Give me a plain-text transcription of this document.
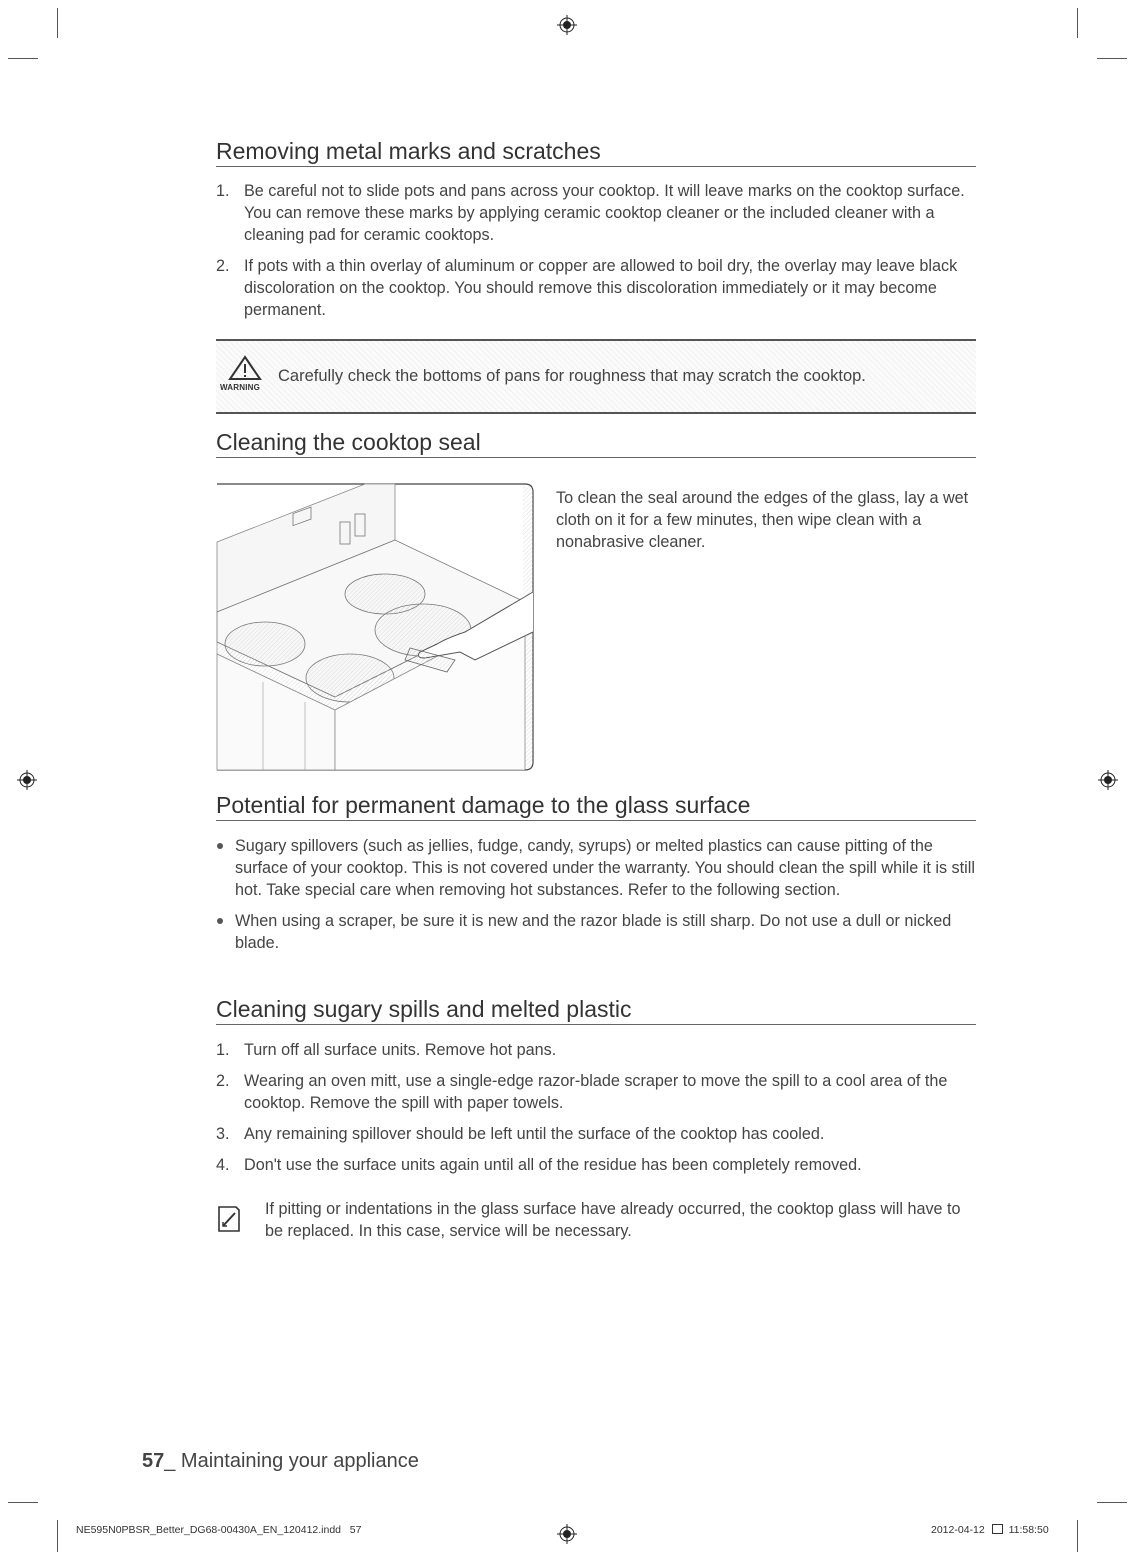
Removing metal marks and scratches
1. Be careful not to slide pots and pans across your cooktop. It will leave marks on the cooktop surface. You can remove these marks by applying ceramic cooktop cleaner or the included cleaner with a cleaning pad for ceramic cooktops.
2. If pots with a thin overlay of aluminum or copper are allowed to boil dry, the overlay may leave black discoloration on the cooktop. You should remove this discoloration immediately or it may become permanent.
WARNING
Carefully check the bottoms of pans for roughness that may scratch the cooktop.
Cleaning the cooktop seal
To clean the seal around the edges of the glass, lay a wet cloth on it for a few minutes, then wipe clean with a nonabrasive cleaner.
Potential for permanent damage to the glass surface
Sugary spillovers (such as jellies, fudge, candy, syrups) or melted plastics can cause pitting of the surface of your cooktop. This is not covered under the warranty. You should clean the spill while it is still hot. Take special care when removing hot substances. Refer to the following section.
When using a scraper, be sure it is new and the razor blade is still sharp. Do not use a dull or nicked blade.
Cleaning sugary spills and melted plastic
1. Turn off all surface units. Remove hot pans.
2. Wearing an oven mitt, use a single-edge razor-blade scraper to move the spill to a cool area of the cooktop. Remove the spill with paper towels.
3. Any remaining spillover should be left until the surface of the cooktop has cooled.
4. Don't use the surface units again until all of the residue has been completely removed.
If pitting or indentations in the glass surface have already occurred, the cooktop glass will have to be replaced. In this case, service will be necessary.
57_ Maintaining your appliance
NE595N0PBSR_Better_DG68-00430A_EN_120412.indd   57	2012-04-12 11:58:50
